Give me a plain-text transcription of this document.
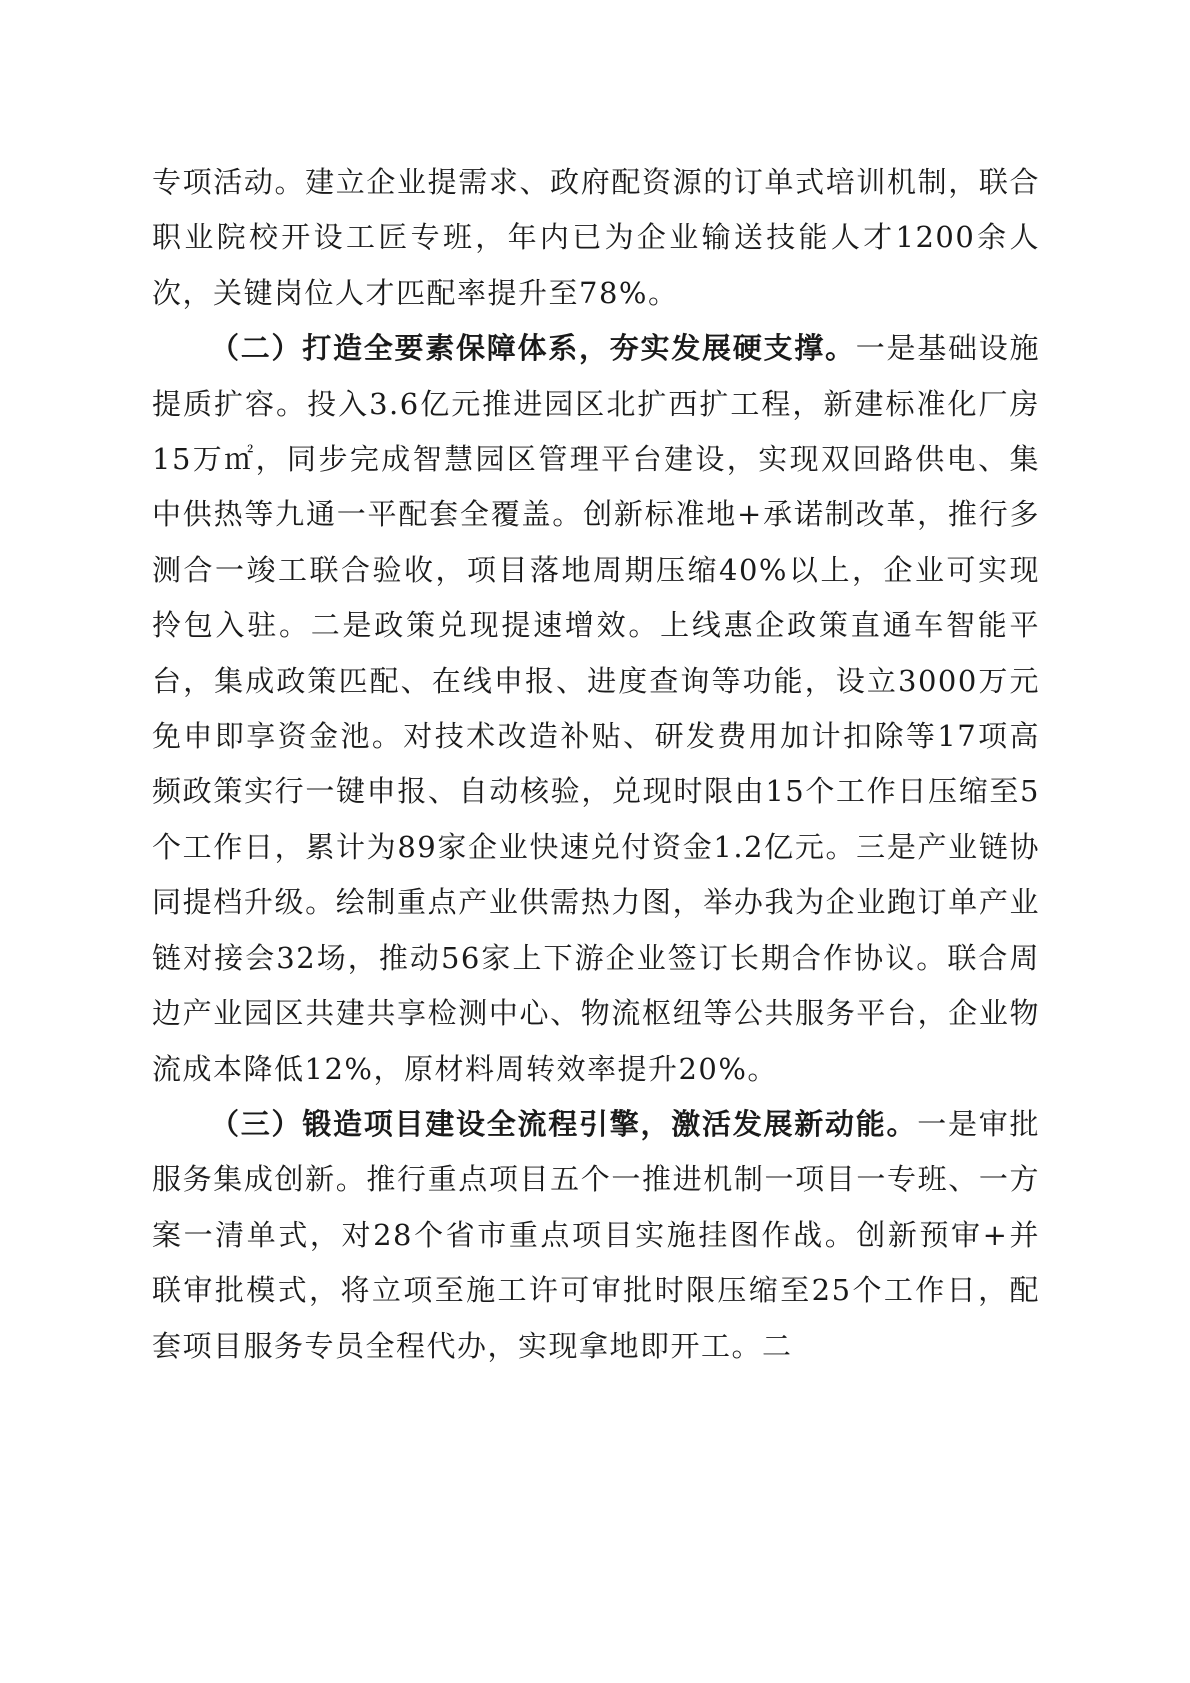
专项活动。建立企业提需求、政府配资源的订单式培训机制，联合职业院校开设工匠专班，年内已为企业输送技能人才1200余人次，关键岗位人才匹配率提升至78%。

（二）打造全要素保障体系，夯实发展硬支撑。一是基础设施提质扩容。投入3.6亿元推进园区北扩西扩工程，新建标准化厂房15万㎡，同步完成智慧园区管理平台建设，实现双回路供电、集中供热等九通一平配套全覆盖。创新标准地+承诺制改革，推行多测合一竣工联合验收，项目落地周期压缩40%以上，企业可实现拎包入驻。二是政策兑现提速增效。上线惠企政策直通车智能平台，集成政策匹配、在线申报、进度查询等功能，设立3000万元免申即享资金池。对技术改造补贴、研发费用加计扣除等17项高频政策实行一键申报、自动核验，兑现时限由15个工作日压缩至5个工作日，累计为89家企业快速兑付资金1.2亿元。三是产业链协同提档升级。绘制重点产业供需热力图，举办我为企业跑订单产业链对接会32场，推动56家上下游企业签订长期合作协议。联合周边产业园区共建共享检测中心、物流枢纽等公共服务平台，企业物流成本降低12%，原材料周转效率提升20%。

（三）锻造项目建设全流程引擎，激活发展新动能。一是审批服务集成创新。推行重点项目五个一推进机制一项目一专班、一方案一清单式，对28个省市重点项目实施挂图作战。创新预审+并联审批模式，将立项至施工许可审批时限压缩至25个工作日，配套项目服务专员全程代办，实现拿地即开工。二
